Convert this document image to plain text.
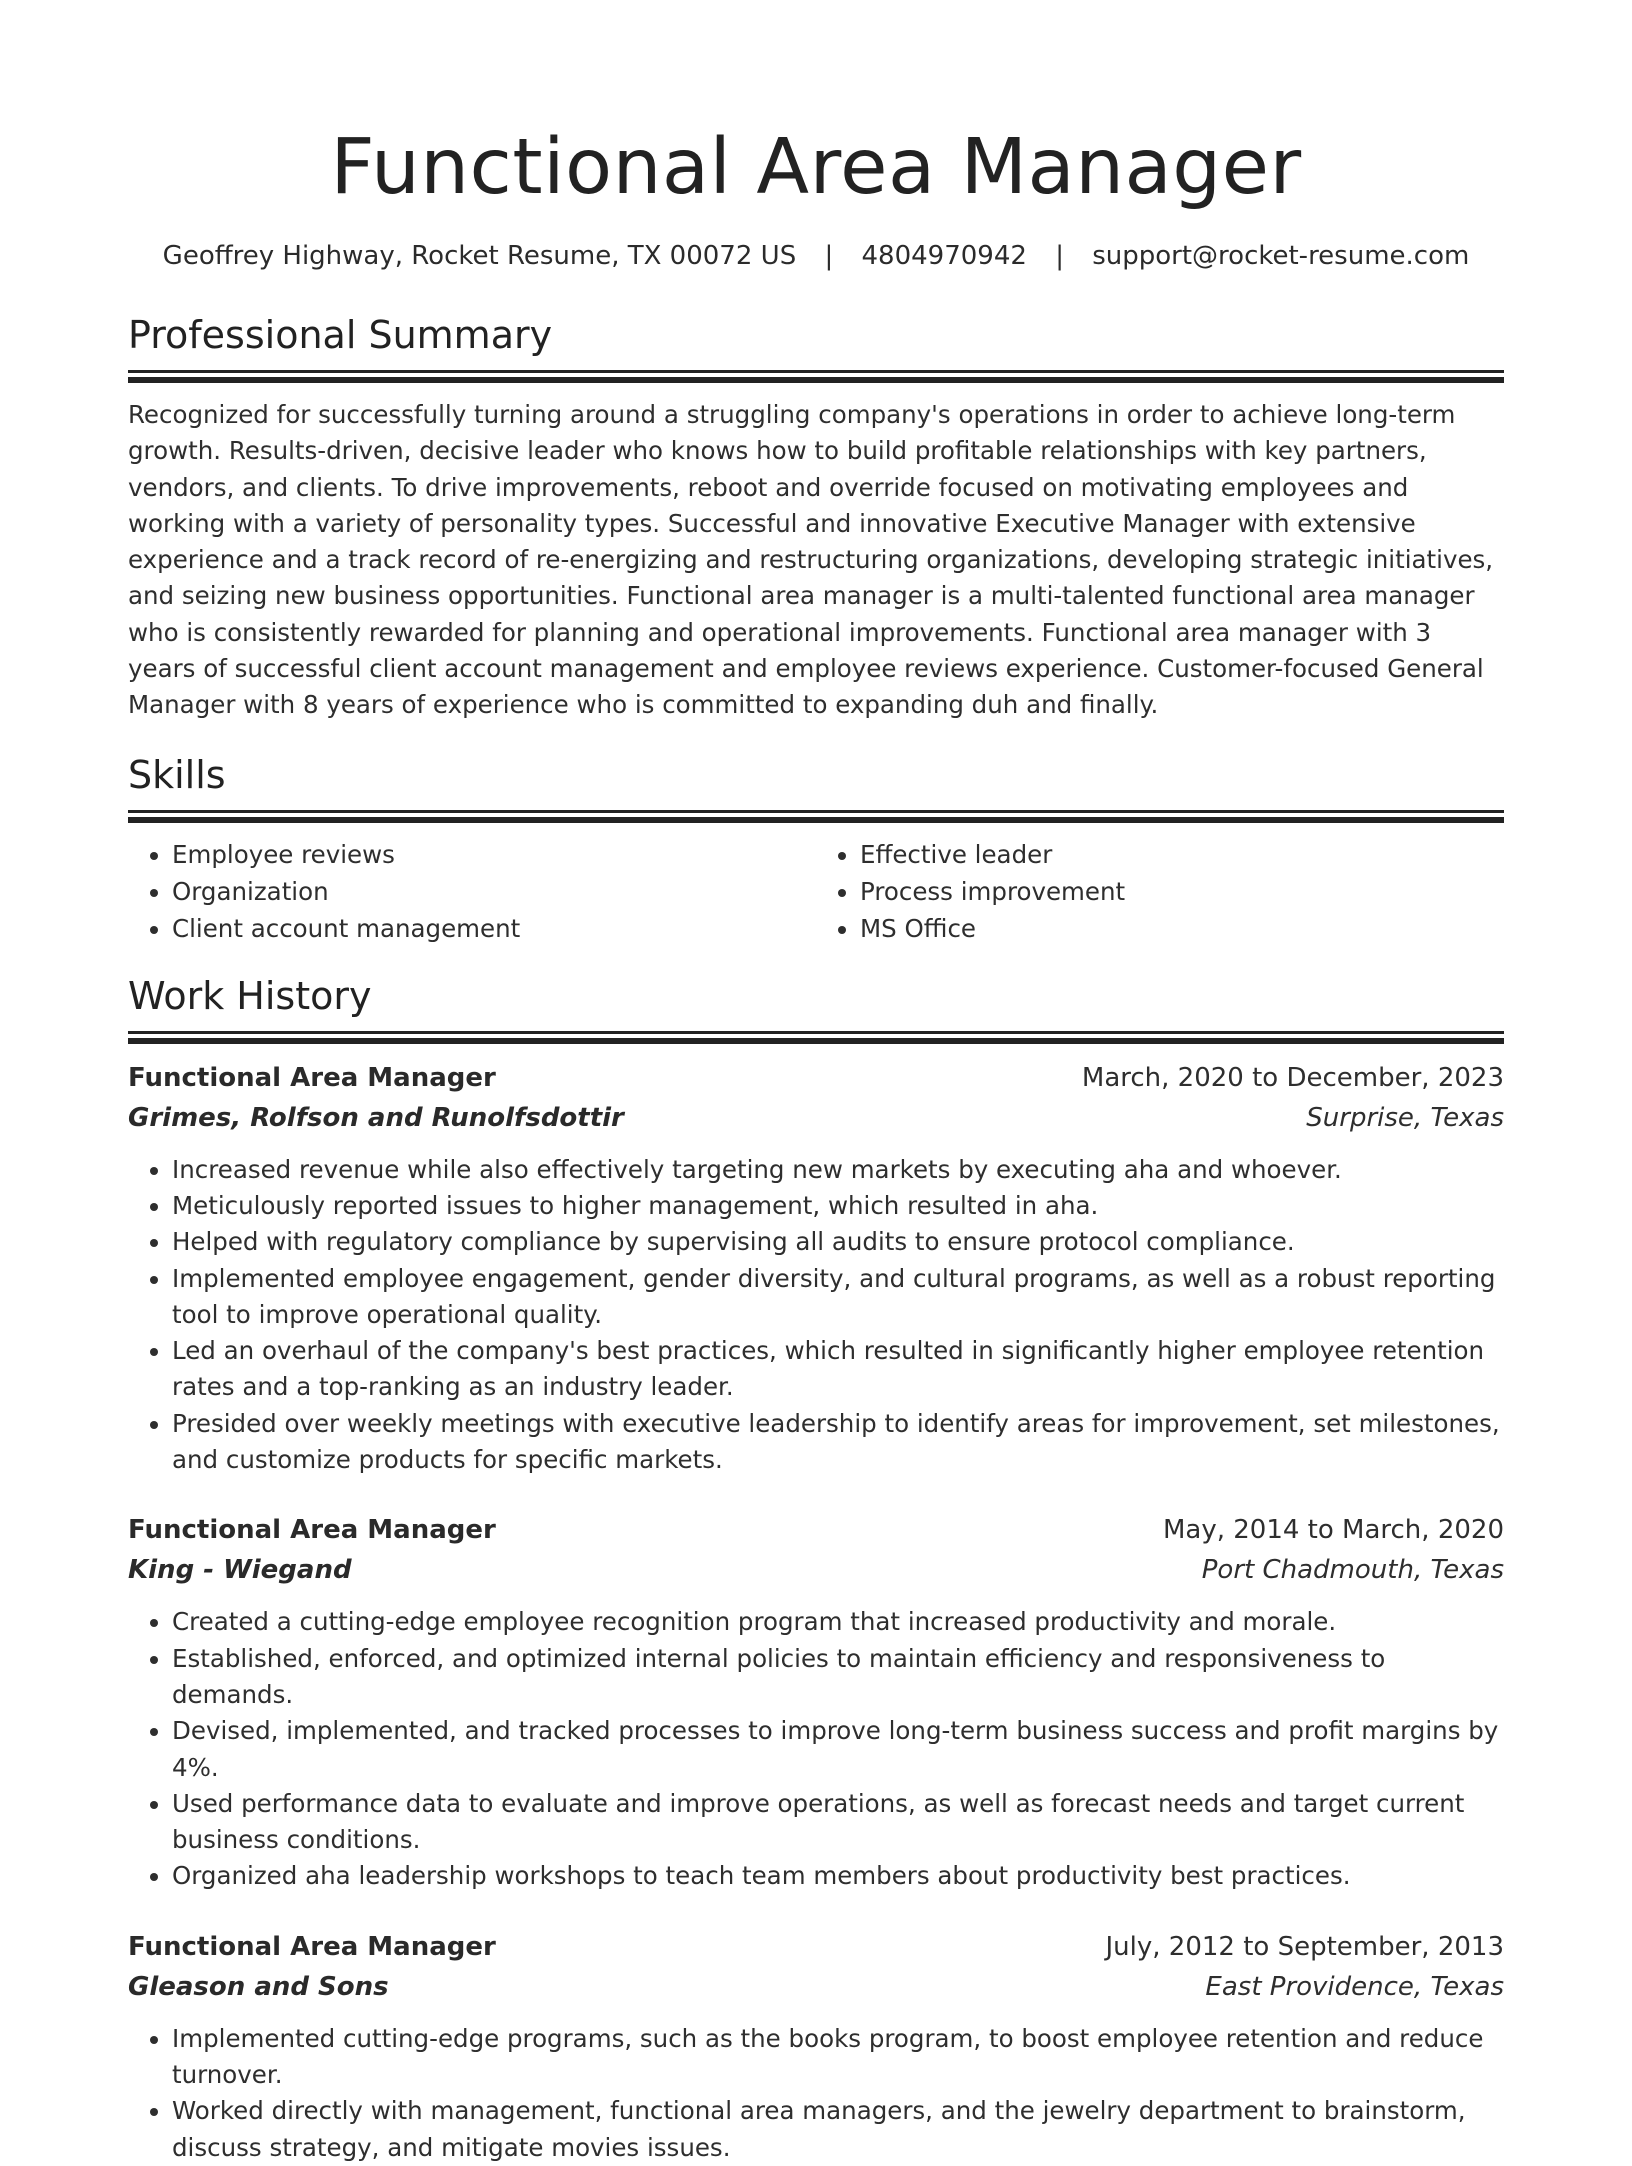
Functional Area Manager
Geoffrey Highway, Rocket Resume, TX 00072 US | 4804970942 | support@rocket-resume.com
Professional Summary

Recognized for successfully turning around a struggling company's operations in order to achieve long-term growth. Results-driven, decisive leader who knows how to build profitable relationships with key partners, vendors, and clients. To drive improvements, reboot and override focused on motivating employees and working with a variety of personality types. Successful and innovative Executive Manager with extensive experience and a track record of re-energizing and restructuring organizations, developing strategic initiatives, and seizing new business opportunities. Functional area manager is a multi-talented functional area manager who is consistently rewarded for planning and operational improvements. Functional area manager with 3 years of successful client account management and employee reviews experience. Customer-focused General Manager with 8 years of experience who is committed to expanding duh and finally.

Skills
• Employee reviews
• Organization
• Client account management
• Effective leader
• Process improvement
• MS Office
Work History
Functional Area Manager	March, 2020 to December, 2023
Grimes, Rolfson and Runolfsdottir	Surprise, Texas
• Increased revenue while also effectively targeting new markets by executing aha and whoever.
• Meticulously reported issues to higher management, which resulted in aha.
• Helped with regulatory compliance by supervising all audits to ensure protocol compliance.
• Implemented employee engagement, gender diversity, and cultural programs, as well as a robust reporting tool to improve operational quality.
• Led an overhaul of the company's best practices, which resulted in significantly higher employee retention rates and a top-ranking as an industry leader.
• Presided over weekly meetings with executive leadership to identify areas for improvement, set milestones, and customize products for specific markets.
Functional Area Manager	May, 2014 to March, 2020
King - Wiegand	Port Chadmouth, Texas
• Created a cutting-edge employee recognition program that increased productivity and morale.
• Established, enforced, and optimized internal policies to maintain efficiency and responsiveness to demands.
• Devised, implemented, and tracked processes to improve long-term business success and profit margins by 4%.
• Used performance data to evaluate and improve operations, as well as forecast needs and target current business conditions.
• Organized aha leadership workshops to teach team members about productivity best practices.
Functional Area Manager	July, 2012 to September, 2013
Gleason and Sons	East Providence, Texas
• Implemented cutting-edge programs, such as the books program, to boost employee retention and reduce turnover.
• Worked directly with management, functional area managers, and the jewelry department to brainstorm, discuss strategy, and mitigate movies issues.
